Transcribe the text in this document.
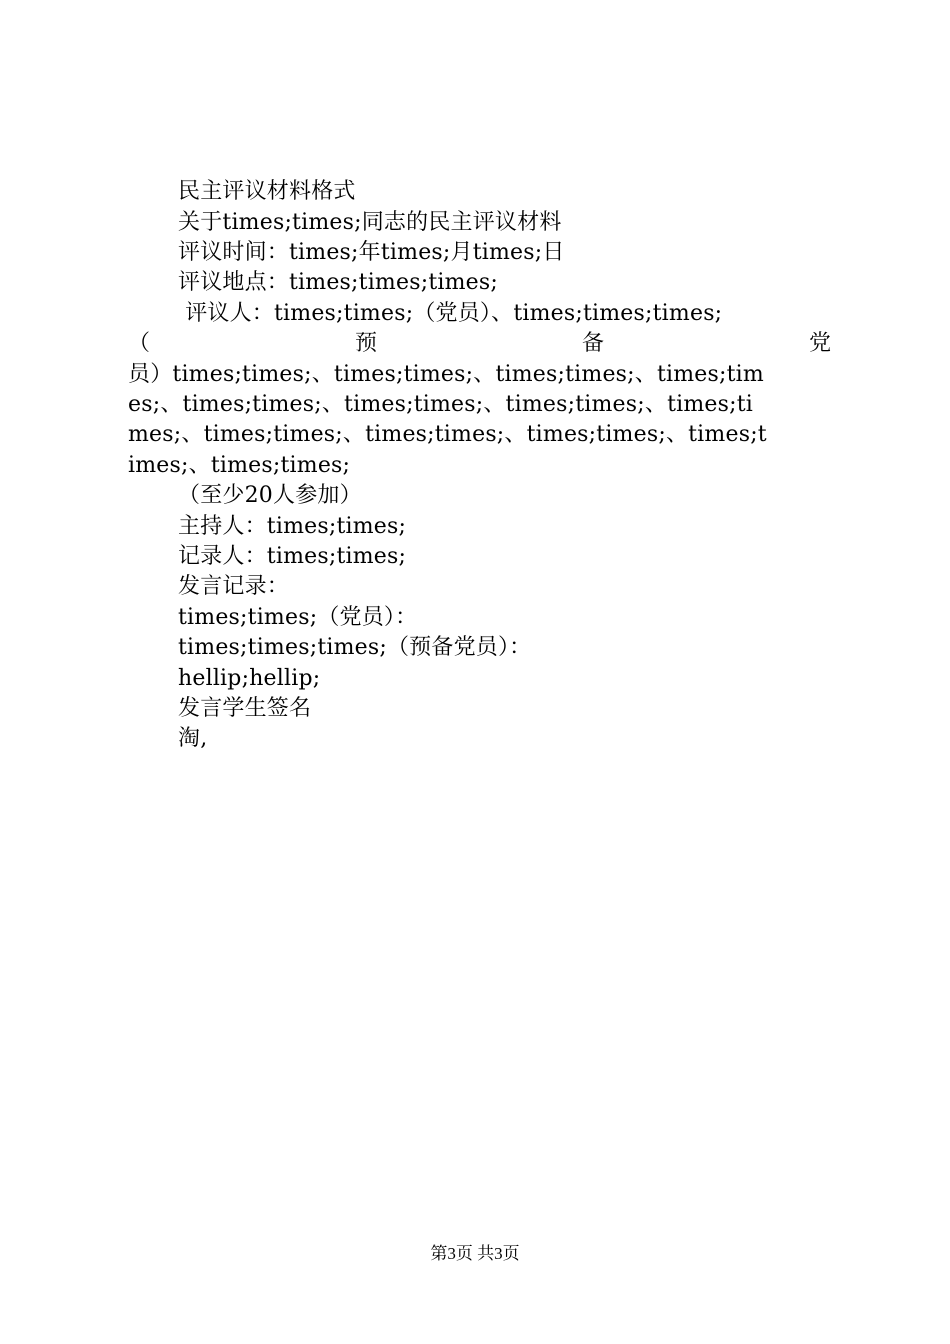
民主评议材料格式
关于times;times;同志的民主评议材料
评议时间：times;年times;月times;日
评议地点：times;times;times;
评议人：times;times;（党员）、times;times;times;
（	预	备	党
员）times;times;、times;times;、times;times;、times;tim
es;、times;times;、times;times;、times;times;、times;ti
mes;、times;times;、times;times;、times;times;、times;t
imes;、times;times;
（至少20人参加）
主持人：times;times;
记录人：times;times;
发言记录：
times;times;（党员）：
times;times;times;（预备党员）：
hellip;hellip;
发言学生签名
淘,
第3页 共3页
